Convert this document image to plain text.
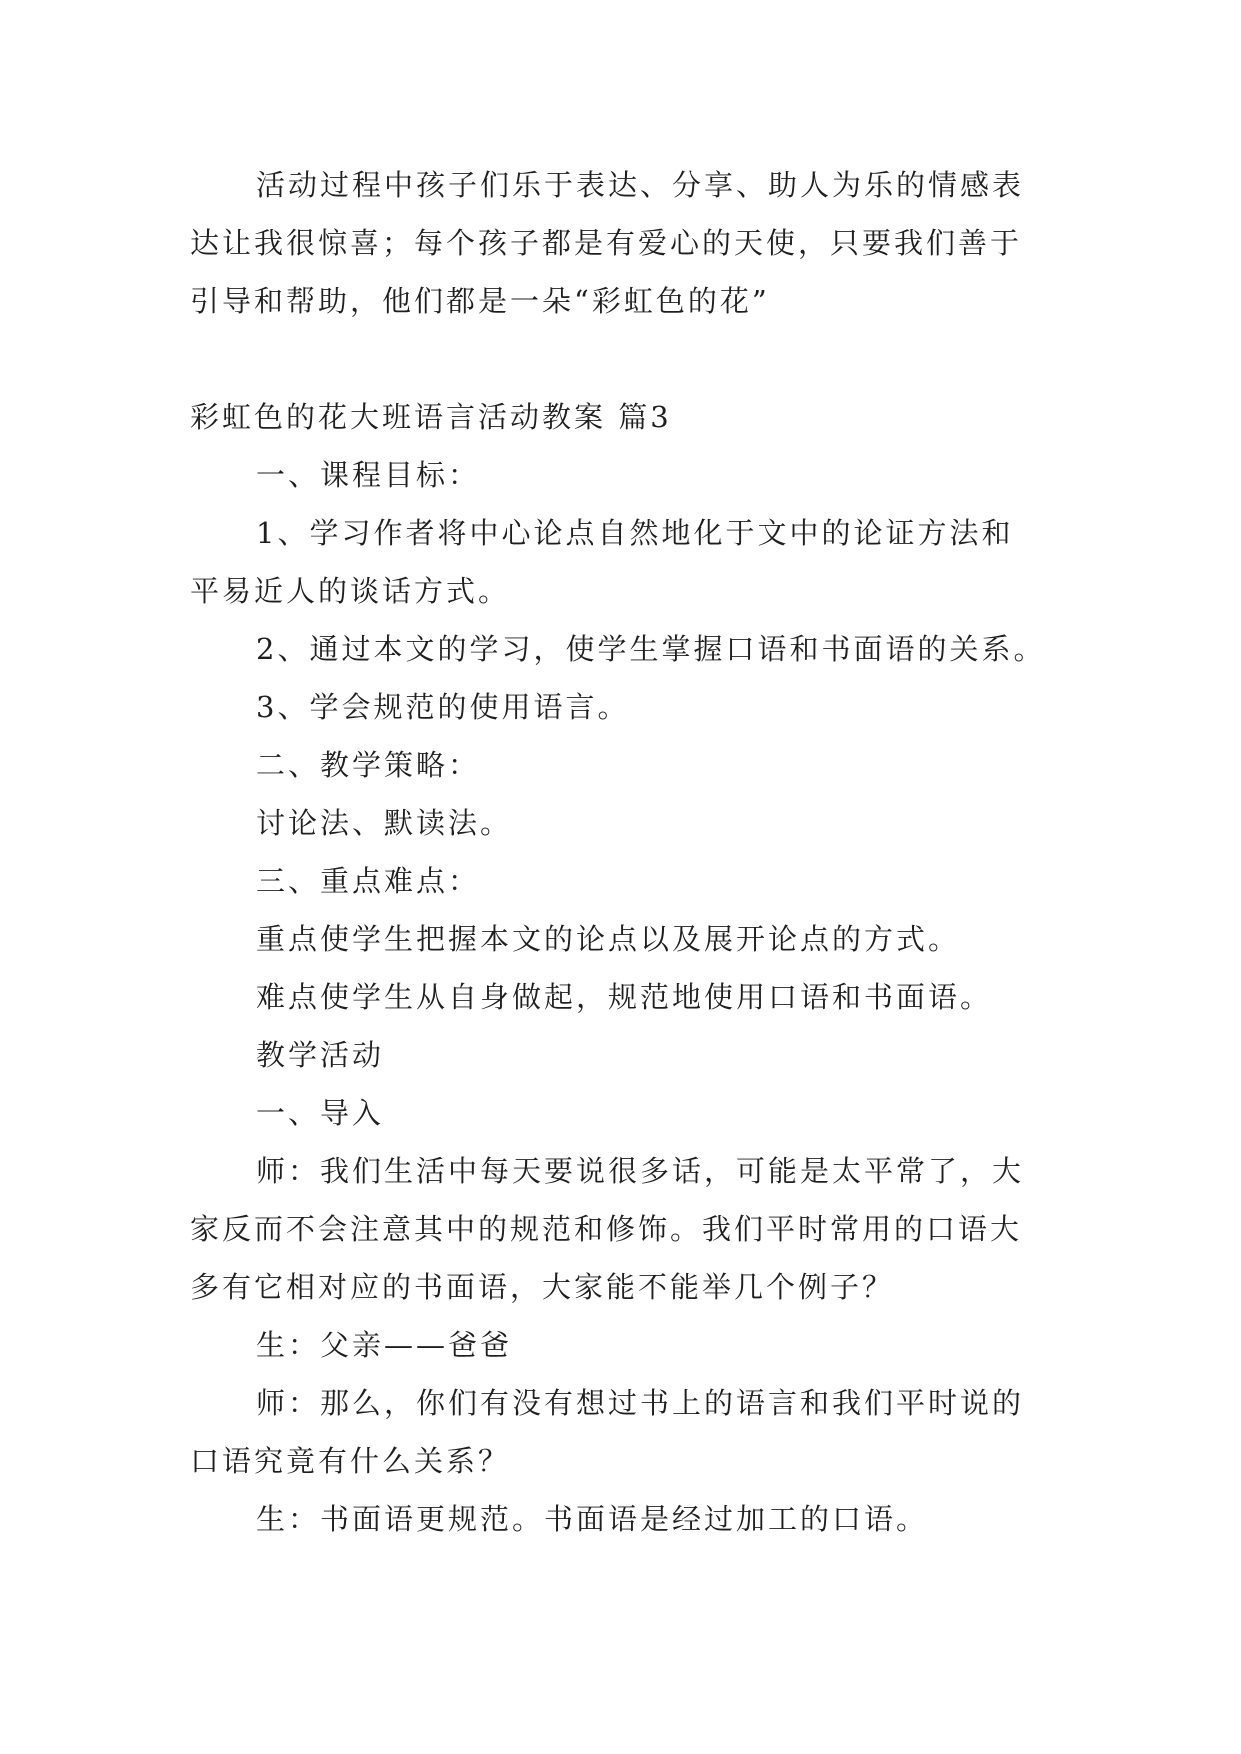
活动过程中孩子们乐于表达、分享、助人为乐的情感表
达让我很惊喜；每个孩子都是有爱心的天使，只要我们善于
引导和帮助，他们都是一朵“彩虹色的花”
彩虹色的花大班语言活动教案 篇3
一、课程目标：
1、学习作者将中心论点自然地化于文中的论证方法和
平易近人的谈话方式。
2、通过本文的学习，使学生掌握口语和书面语的关系。
3、学会规范的使用语言。
二、教学策略：
讨论法、默读法。
三、重点难点：
重点使学生把握本文的论点以及展开论点的方式。
难点使学生从自身做起，规范地使用口语和书面语。
教学活动
一、导入
师：我们生活中每天要说很多话，可能是太平常了，大
家反而不会注意其中的规范和修饰。我们平时常用的口语大
多有它相对应的书面语，大家能不能举几个例子？
生：父亲——爸爸
师：那么，你们有没有想过书上的语言和我们平时说的
口语究竟有什么关系？
生：书面语更规范。书面语是经过加工的口语。
